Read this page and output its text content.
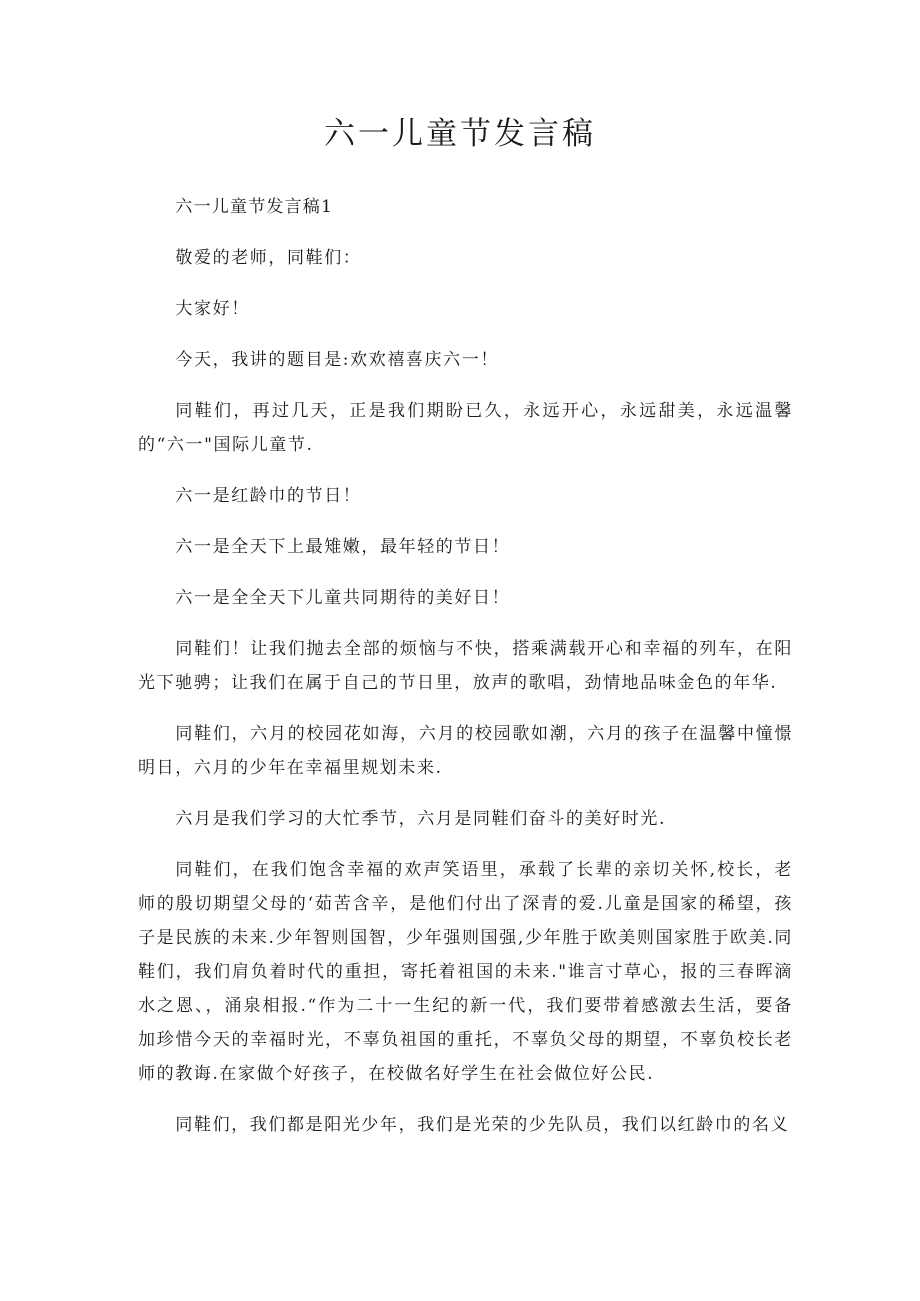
六一儿童节发言稿

六一儿童节发言稿1

敬爱的老师，同鞋们：

大家好！

今天，我讲的题目是:欢欢禧喜庆六一！

同鞋们，再过几天，正是我们期盼已久，永远开心，永远甜美，永远温馨的“六一"国际儿童节.

六一是红龄巾的节日！

六一是全天下上最雉嫩，最年轻的节日！

六一是全全天下儿童共同期待的美好日！

同鞋们！让我们抛去全部的烦恼与不快，搭乘满载开心和幸福的列车，在阳光下驰骋；让我们在属于自己的节日里，放声的歌唱，劲情地品味金色的年华.

同鞋们，六月的校园花如海，六月的校园歌如潮，六月的孩子在温馨中憧憬明日，六月的少年在幸福里规划未来.

六月是我们学习的大忙季节，六月是同鞋们奋斗的美好时光.

同鞋们，在我们饱含幸福的欢声笑语里，承载了长辈的亲切关怀,校长，老师的殷切期望父母的‘茹苦含辛，是他们付出了深青的爱.儿童是国家的稀望，孩子是民族的未来.少年智则国智，少年强则国强,少年胜于欧美则国家胜于欧美.同鞋们，我们肩负着时代的重担，寄托着祖国的未来."谁言寸草心，报的三春晖滴水之恩、，涌泉相报.“作为二十一生纪的新一代，我们要带着感激去生活，要备加珍惜今天的幸福时光，不辜负祖国的重托，不辜负父母的期望，不辜负校长老师的教诲.在家做个好孩子，在校做名好学生在社会做位好公民.

同鞋们，我们都是阳光少年，我们是光荣的少先队员，我们以红龄巾的名义
